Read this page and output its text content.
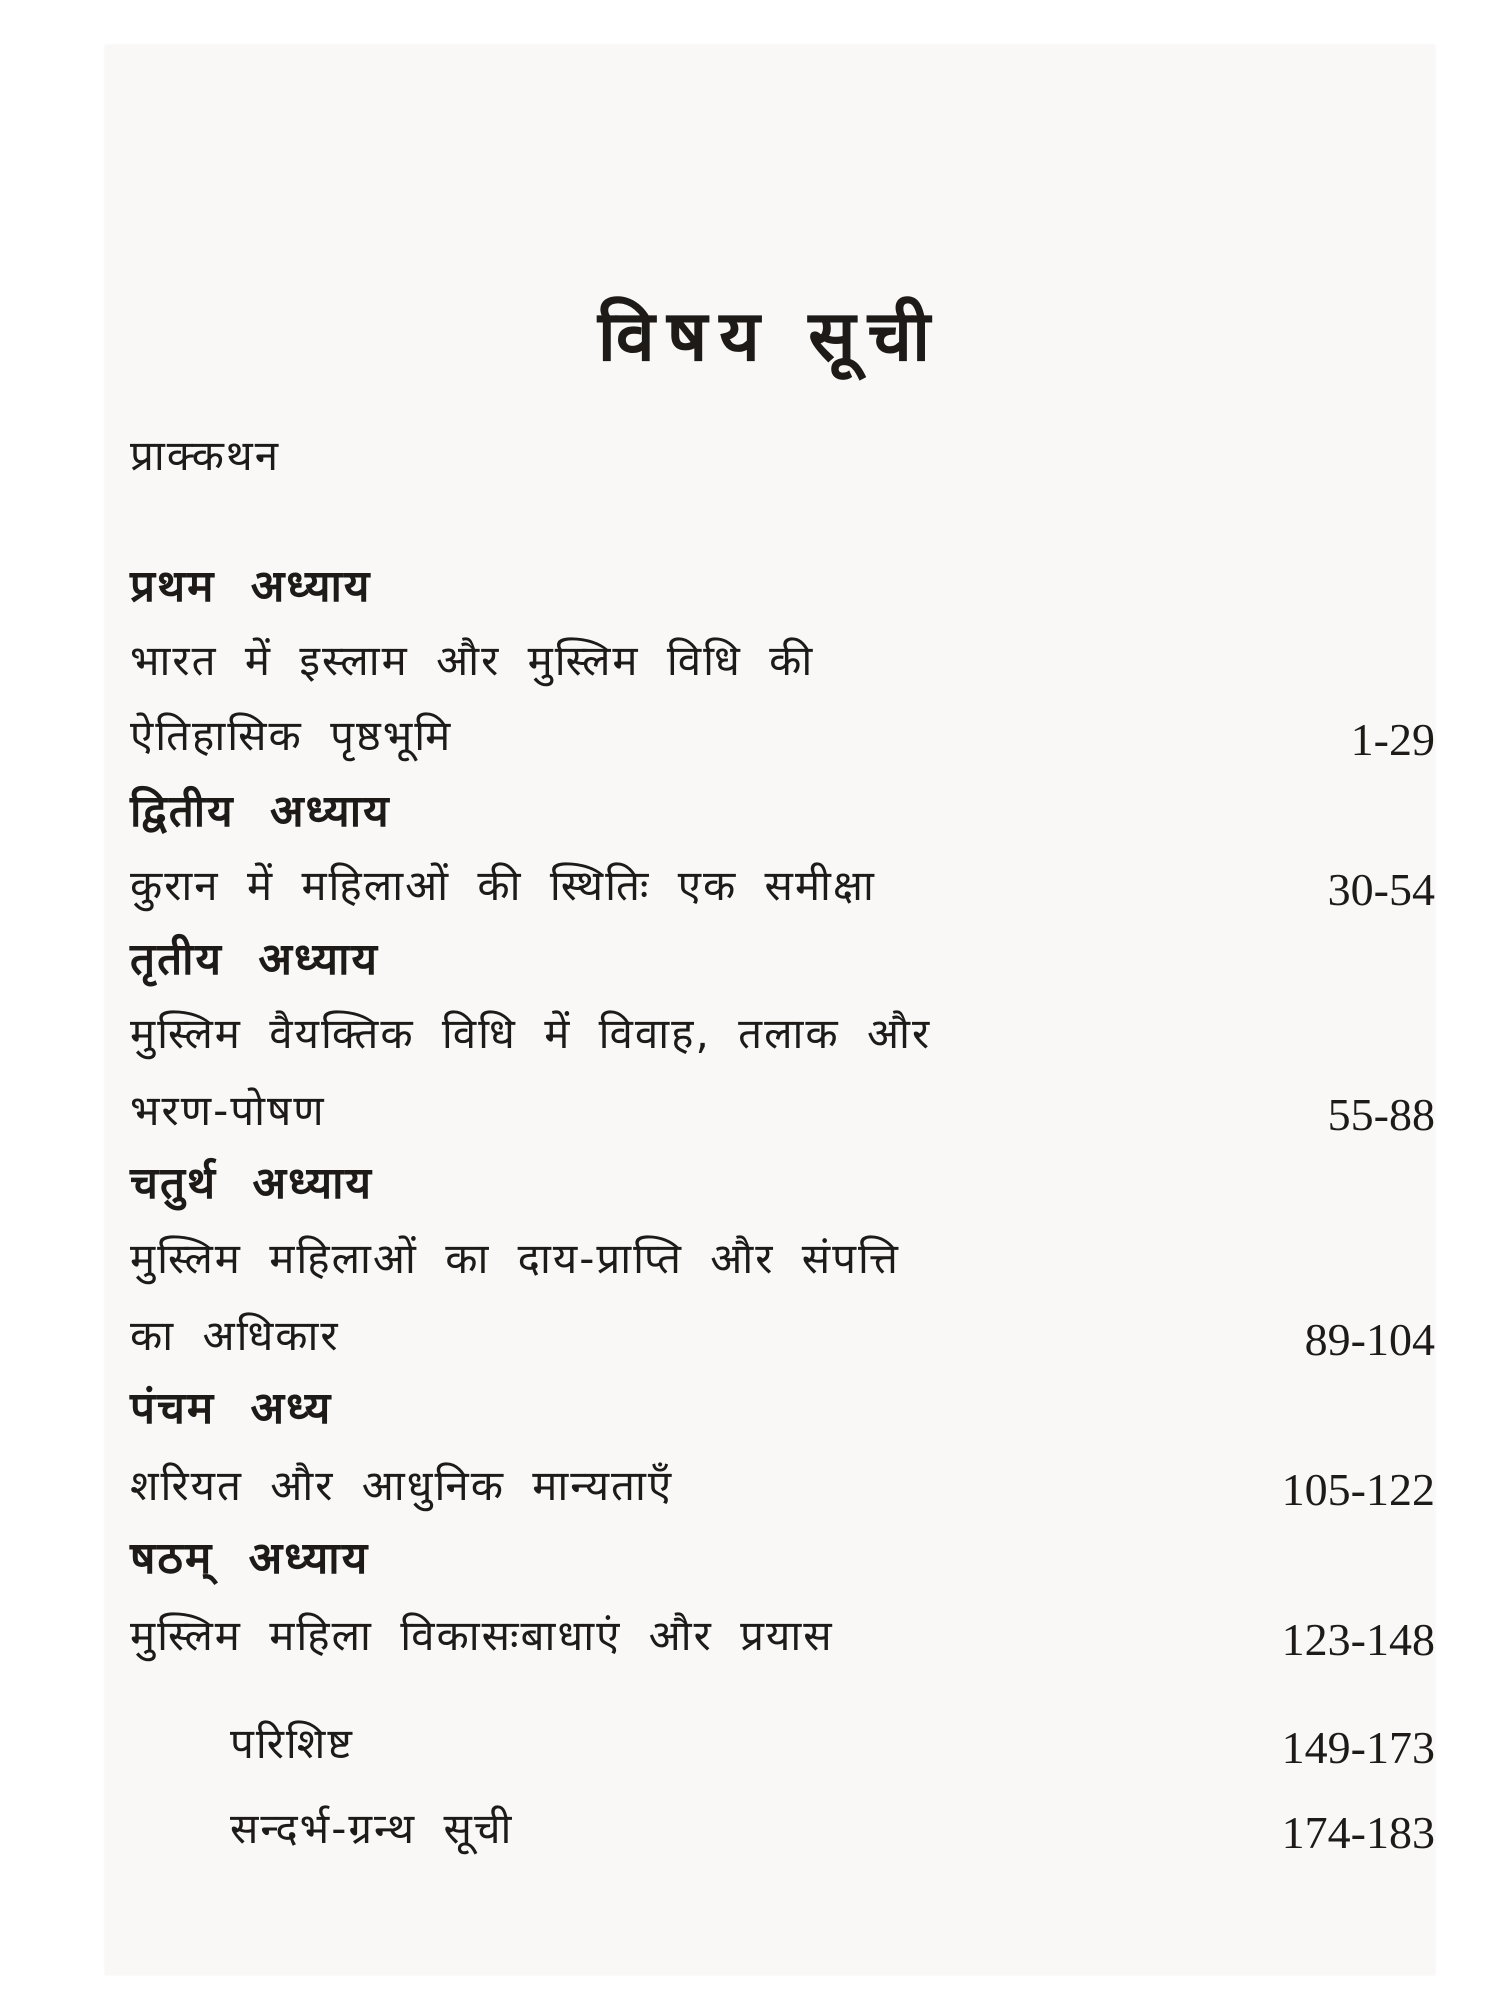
विषय सूची
प्राक्कथन
प्रथम अध्याय
भारत में इस्लाम और मुस्लिम विधि की
ऐतिहासिक पृष्ठभूमि	1-29
द्वितीय अध्याय
कुरान में महिलाओं की स्थितिः एक समीक्षा	30-54
तृतीय अध्याय
मुस्लिम वैयक्तिक विधि में विवाह, तलाक और
भरण-पोषण	55-88
चतुर्थ अध्याय
मुस्लिम महिलाओं का दाय-प्राप्ति और संपत्ति
का अधिकार	89-104
पंचम अध्य
शरियत और आधुनिक मान्यताएँ	105-122
षठम् अध्याय
मुस्लिम महिला विकासःबाधाएं और प्रयास	123-148
परिशिष्ट	149-173
सन्दर्भ-ग्रन्थ सूची	174-183
